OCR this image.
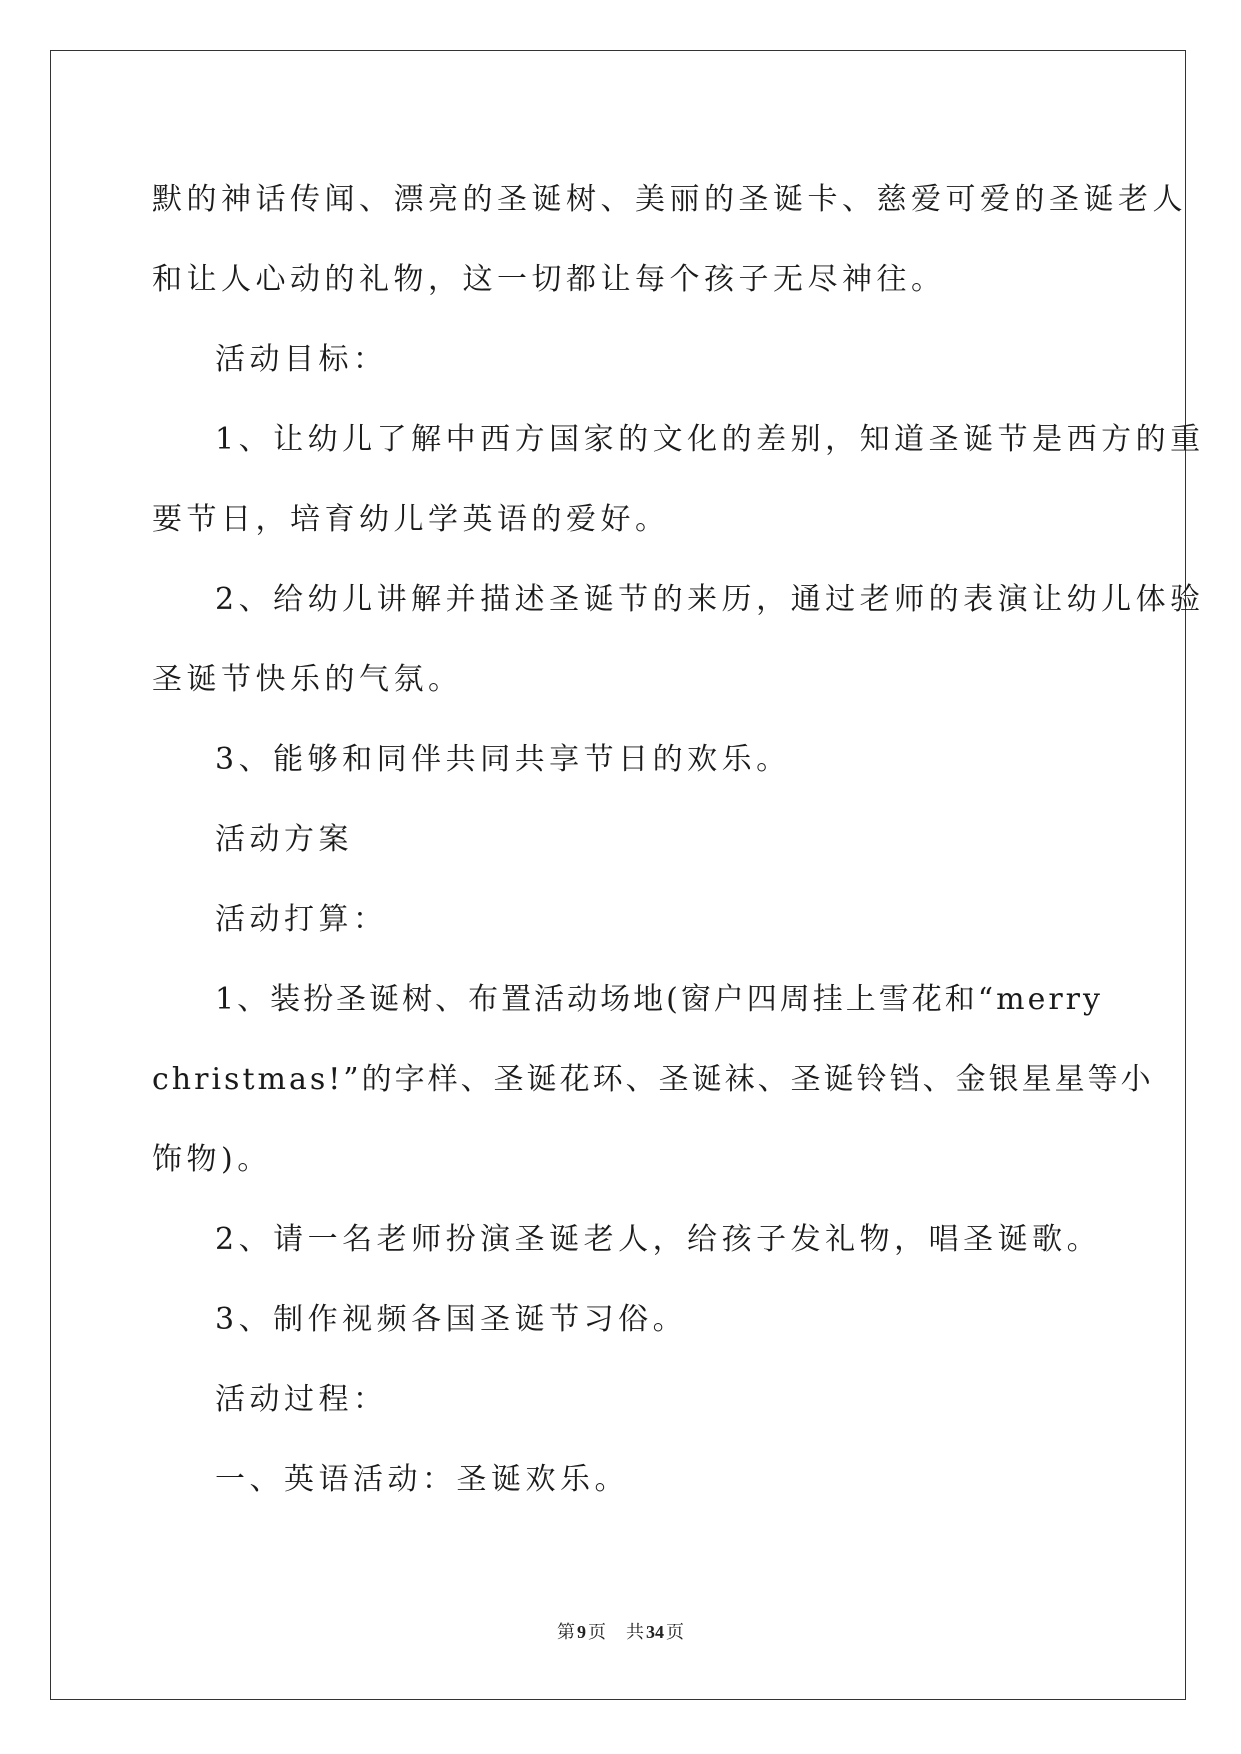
默的神话传闻、漂亮的圣诞树、美丽的圣诞卡、慈爱可爱的圣诞老人
和让人心动的礼物，这一切都让每个孩子无尽神往。
活动目标：
1、让幼儿了解中西方国家的文化的差别，知道圣诞节是西方的重
要节日，培育幼儿学英语的爱好。
2、给幼儿讲解并描述圣诞节的来历，通过老师的表演让幼儿体验
圣诞节快乐的气氛。
3、能够和同伴共同共享节日的欢乐。
活动方案
活动打算：
1、装扮圣诞树、布置活动场地(窗户四周挂上雪花和“merry
christmas!”的字样、圣诞花环、圣诞袜、圣诞铃铛、金银星星等小
饰物)。
2、请一名老师扮演圣诞老人，给孩子发礼物，唱圣诞歌。
3、制作视频各国圣诞节习俗。
活动过程：
一、英语活动：圣诞欢乐。
第 9 页 共 34 页
